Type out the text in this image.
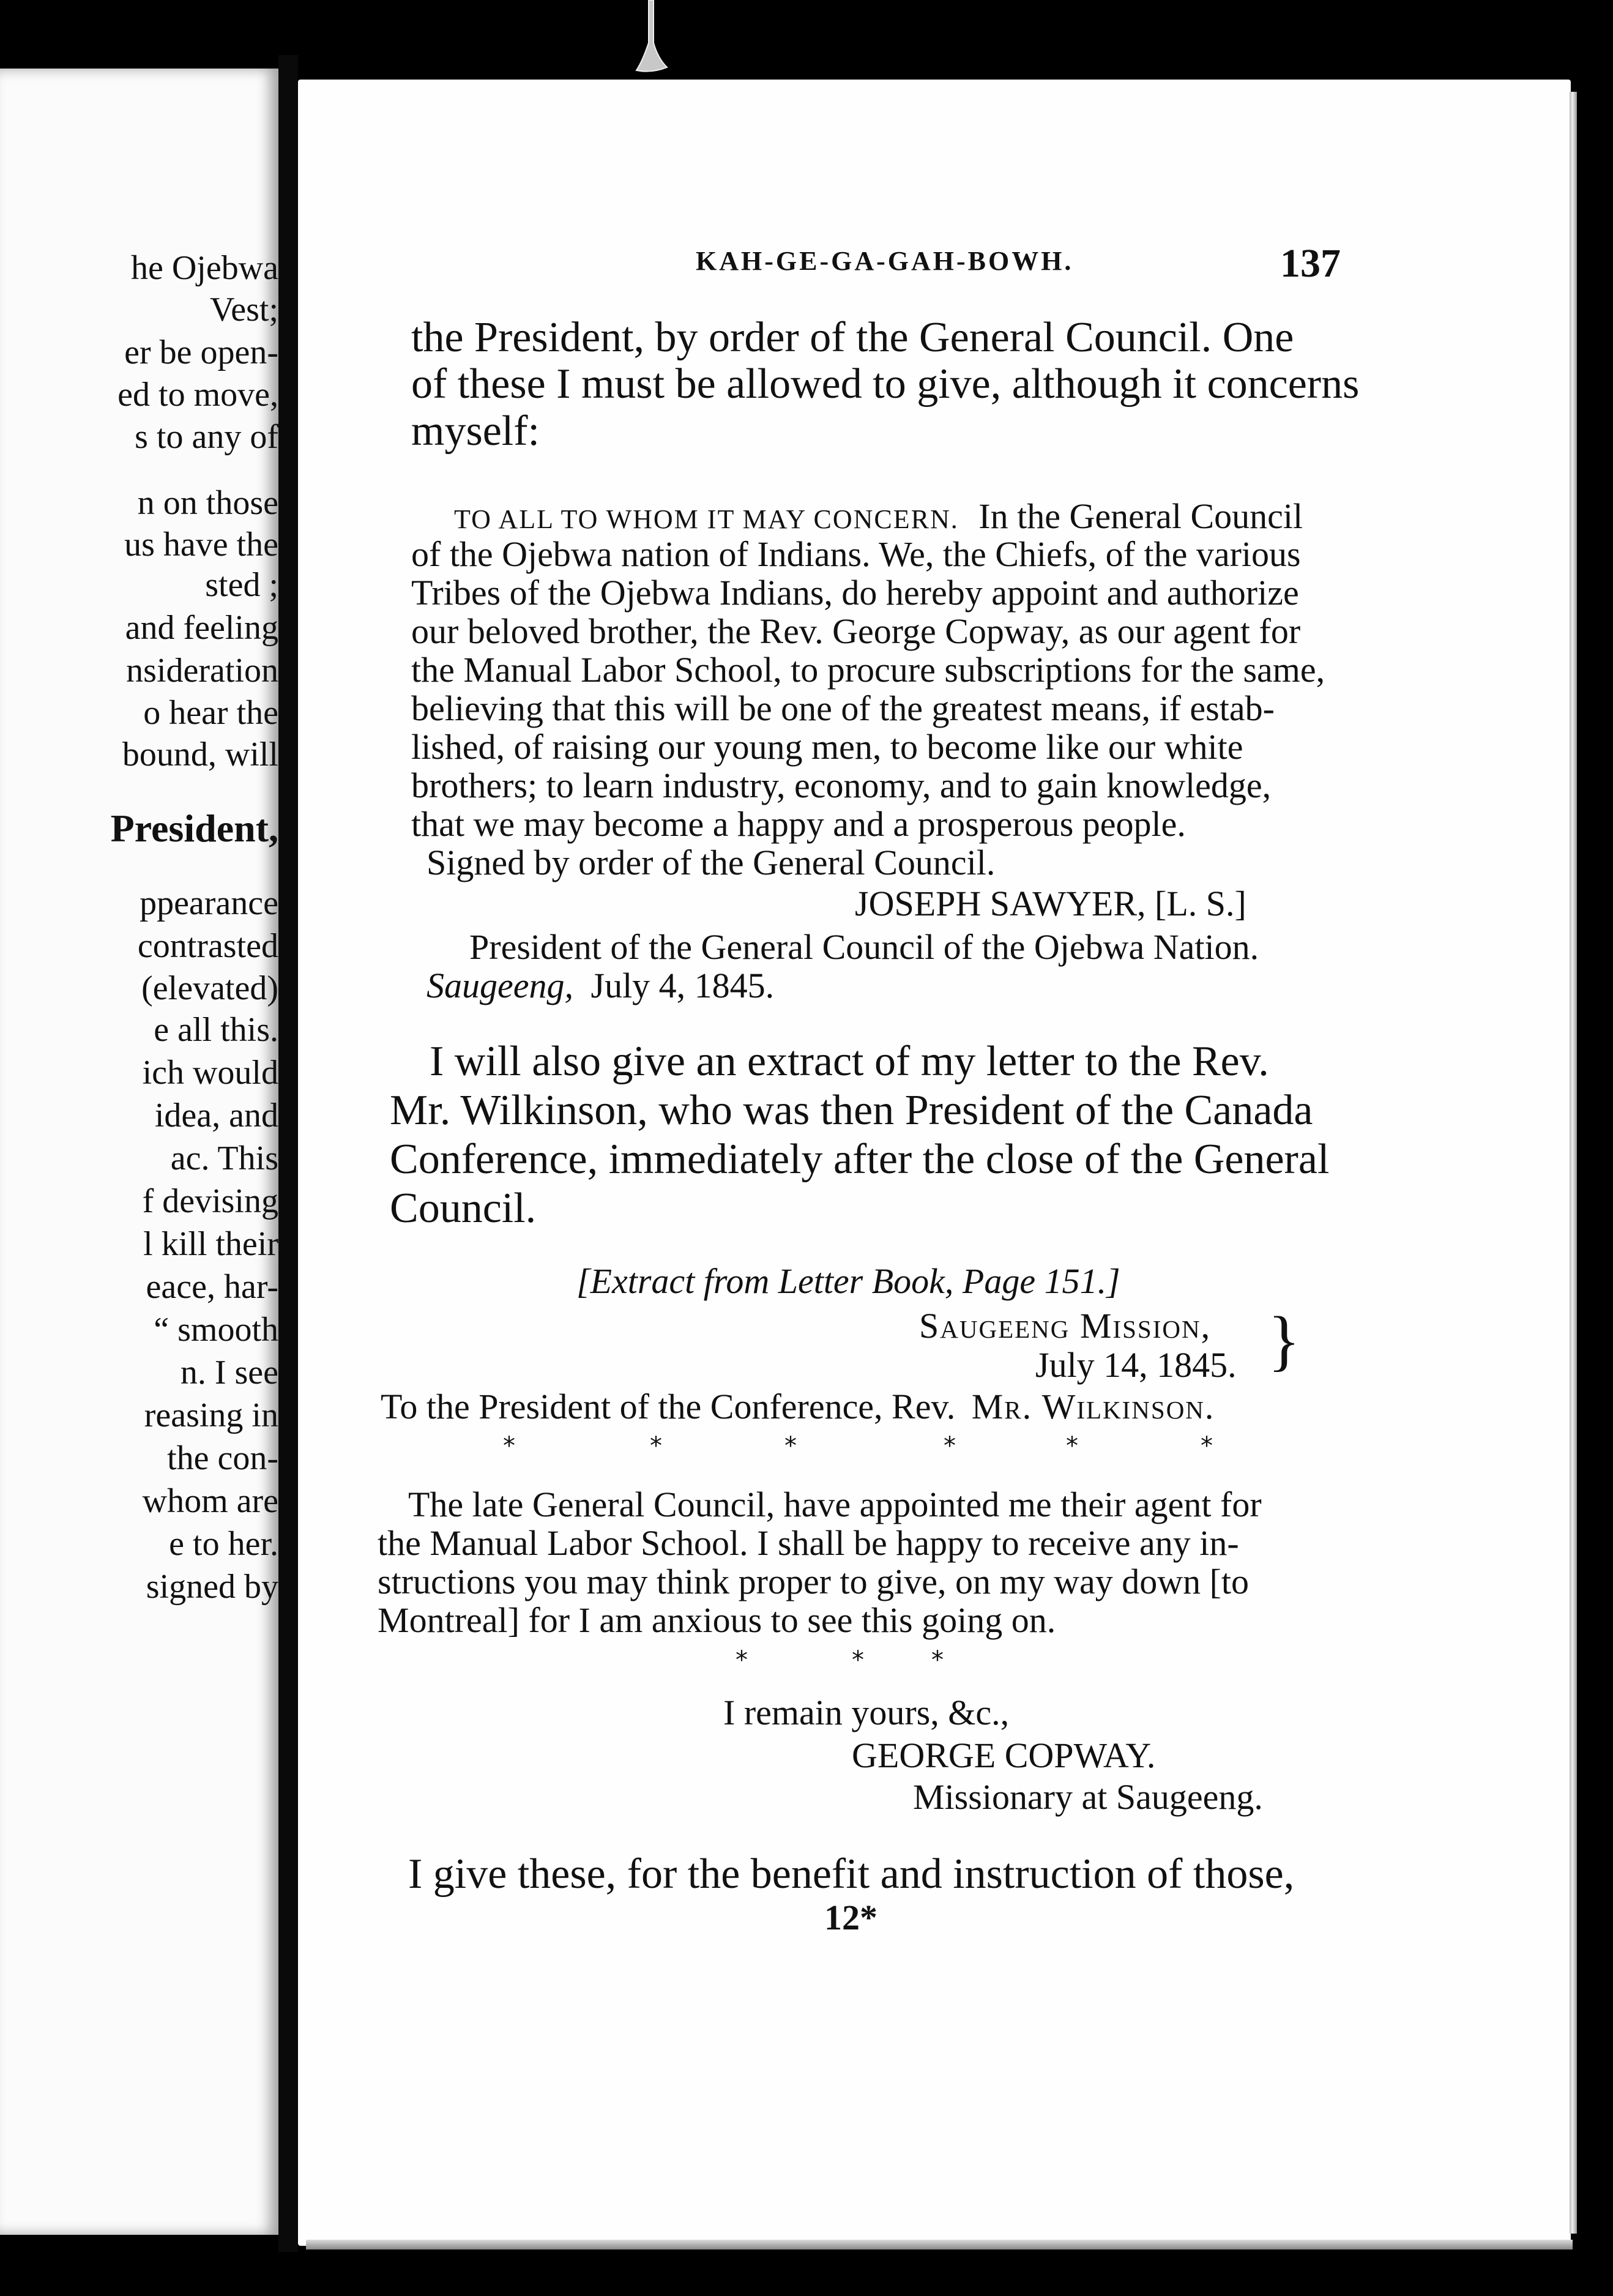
he Ojebwa
Vest;
er be open-
ed to move,
s to any of
n on those
us have the
sted ;
and feeling
nsideration
o hear the
bound, will
President,
ppearance
contrasted
(elevated)
e all this.
ich would
idea, and
ac. This
f devising
l kill their
eace, har-
“ smooth
n. I see
reasing in
the con-
whom are
e to her.
signed by
KAH-GE-GA-GAH-BOWH.	137
the President, by order of the General Council. One
of these I must be allowed to give, although it concerns
myself:
TO ALL TO WHOM IT MAY CONCERN. In the General Council
of the Ojebwa nation of Indians. We, the Chiefs, of the various
Tribes of the Ojebwa Indians, do hereby appoint and authorize
our beloved brother, the Rev. George Copway, as our agent for
the Manual Labor School, to procure subscriptions for the same,
believing that this will be one of the greatest means, if estab-
lished, of raising our young men, to become like our white
brothers; to learn industry, economy, and to gain knowledge,
that we may become a happy and a prosperous people.
Signed by order of the General Council.
JOSEPH SAWYER, [L. S.]
President of the General Council of the Ojebwa Nation.
Saugeeng, July 4, 1845.
I will also give an extract of my letter to the Rev.
Mr. Wilkinson, who was then President of the Canada
Conference, immediately after the close of the General
Council.
[Extract from Letter Book, Page 151.]
Saugeeng Mission,
July 14, 1845. }
To the President of the Conference, Rev. Mr. Wilkinson.
*	*	*	*	*	*
The late General Council, have appointed me their agent for
the Manual Labor School. I shall be happy to receive any in-
structions you may think proper to give, on my way down [to
Montreal] for I am anxious to see this going on.
*	*	*
I remain yours, &c.,
GEORGE COPWAY.
Missionary at Saugeeng.
I give these, for the benefit and instruction of those,
12*
